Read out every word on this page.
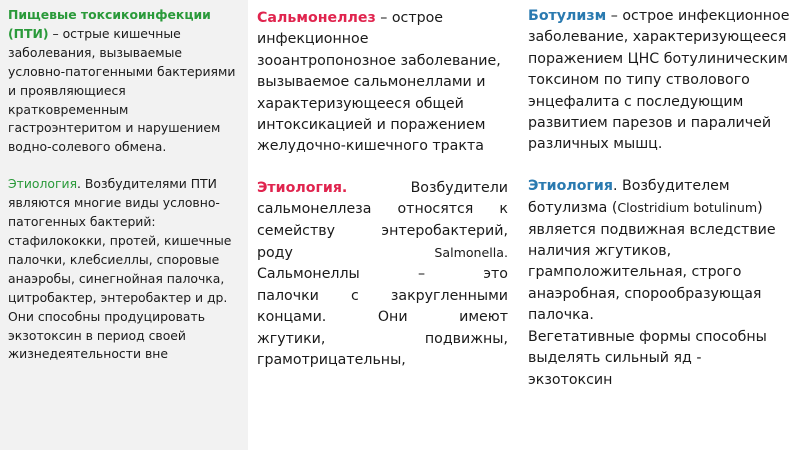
Пищевые токсикоинфекции (ПТИ) – острые кишечные заболевания, вызываемые условно-патогенными бактериями и проявляющиеся кратковременным гастроэнтеритом и нарушением водно-солевого обмена.

Этиология. Возбудителями ПТИ являются многие виды условно-патогенных бактерий: стафилококки, протей, кишечные палочки, клебсиеллы, споровые анаэробы, синегнойная палочка, цитробактер, энтеробактер и др.

Они способны продуцировать экзотоксин в период своей жизнедеятельности вне

Сальмонеллез – острое инфекционное зооантропонозное заболевание, вызываемое сальмонеллами и характеризующееся общей интоксикацией и поражением желудочно-кишечного тракта

Этиология. Возбудители

сальмонеллеза относятся к

семейству энтеробактерий,

роду	Salmonella.

Сальмонеллы – это

палочки с закругленными

концами. Они имеют

жгутики, подвижны,

грамотрицательны,

Ботулизм – острое инфекционное заболевание, характеризующееся поражением ЦНС ботулиническим токсином по типу стволового энцефалита с последующим развитием парезов и параличей различных мышц.

Этиология. Возбудителем ботулизма (Clostridium botulinum) является подвижная вследствие наличия жгутиков, грамположительная, строго анаэробная, спорообразующая палочка.

Вегетативные формы способны выделять сильный яд -

экзотоксин
